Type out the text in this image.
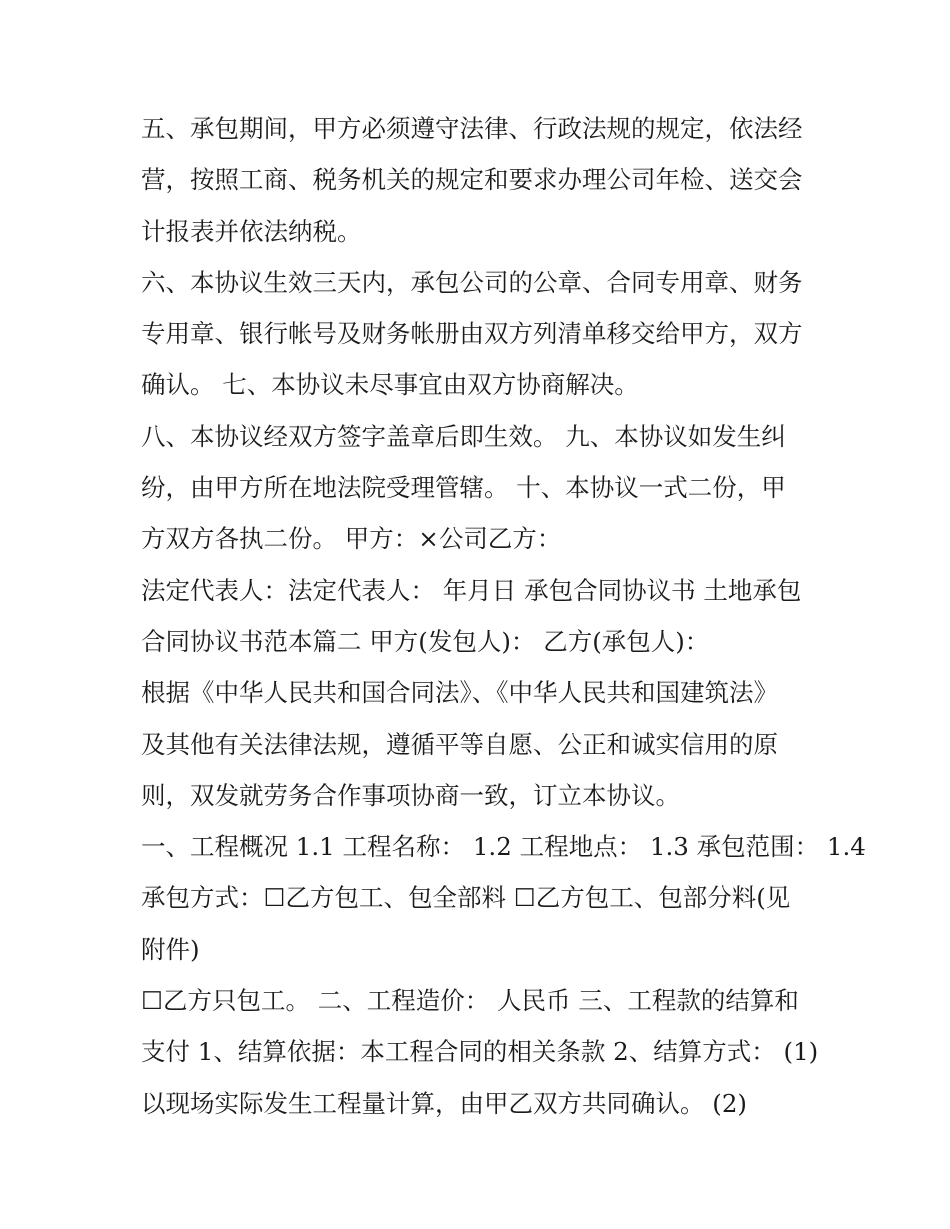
五、承包期间，甲方必须遵守法律、行政法规的规定，依法经
营，按照工商、税务机关的规定和要求办理公司年检、送交会
计报表并依法纳税。
六、本协议生效三天内，承包公司的公章、合同专用章、财务
专用章、银行帐号及财务帐册由双方列清单移交给甲方，双方
确认。 七、本协议未尽事宜由双方协商解决。
八、本协议经双方签字盖章后即生效。 九、本协议如发生纠
纷，由甲方所在地法院受理管辖。 十、本协议一式二份，甲
方双方各执二份。 甲方：×公司乙方：
法定代表人：法定代表人： 年月日 承包合同协议书 土地承包
合同协议书范本篇二 甲方(发包人)： 乙方(承包人)：
根据《中华人民共和国合同法》、《中华人民共和国建筑法》
及其他有关法律法规，遵循平等自愿、公正和诚实信用的原
则，双发就劳务合作事项协商一致，订立本协议。
一、工程概况 1.1 工程名称： 1.2 工程地点： 1.3 承包范围： 1.4
承包方式：☐乙方包工、包全部料 ☐乙方包工、包部分料(见
附件)
☐乙方只包工。 二、工程造价： 人民币 三、工程款的结算和
支付 1、结算依据：本工程合同的相关条款 2、结算方式： (1)
以现场实际发生工程量计算，由甲乙双方共同确认。 (2)
